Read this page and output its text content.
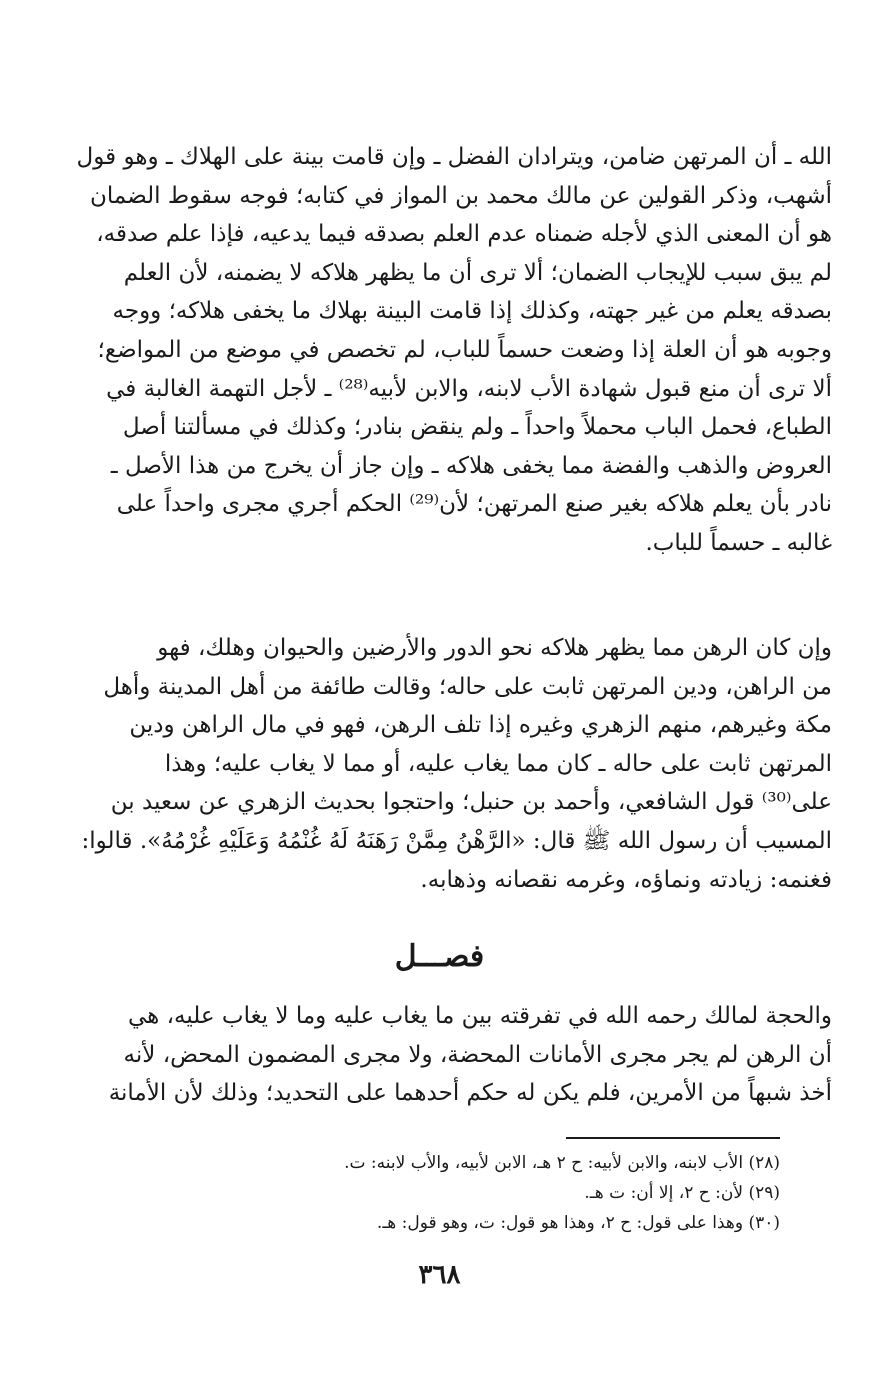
الله ـ أن المرتهن ضامن، ويترادان الفضل ـ وإن قامت بينة على الهلاك ـ وهو قول
أشهب، وذكر القولين عن مالك محمد بن المواز في كتابه؛ فوجه سقوط الضمان
هو أن المعنى الذي لأجله ضمناه عدم العلم بصدقه فيما يدعيه، فإذا علم صدقه،
لم يبق سبب للإيجاب الضمان؛ ألا ترى أن ما يظهر هلاكه لا يضمنه، لأن العلم
بصدقه يعلم من غير جهته، وكذلك إذا قامت البينة بهلاك ما يخفى هلاكه؛ ووجه
وجوبه هو أن العلة إذا وضعت حسماً للباب، لم تخصص في موضع من المواضع؛
ألا ترى أن منع قبول شهادة الأب لابنه، والابن لأبيه⁽²⁸⁾ ـ لأجل التهمة الغالبة في
الطباع، فحمل الباب محملاً واحداً ـ ولم ينقض بنادر؛ وكذلك في مسألتنا أصل
العروض والذهب والفضة مما يخفى هلاكه ـ وإن جاز أن يخرج من هذا الأصل ـ
نادر بأن يعلم هلاكه بغير صنع المرتهن؛ لأن⁽²⁹⁾ الحكم أجري مجرى واحداً على
غالبه ـ حسماً للباب.
وإن كان الرهن مما يظهر هلاكه نحو الدور والأرضين والحيوان وهلك، فهو
من الراهن، ودين المرتهن ثابت على حاله؛ وقالت طائفة من أهل المدينة وأهل
مكة وغيرهم، منهم الزهري وغيره إذا تلف الرهن، فهو في مال الراهن ودين
المرتهن ثابت على حاله ـ كان مما يغاب عليه، أو مما لا يغاب عليه؛ وهذا
على⁽³⁰⁾ قول الشافعي، وأحمد بن حنبل؛ واحتجوا بحديث الزهري عن سعيد بن
المسيب أن رسول الله ﷺ قال: «الرَّهْنُ مِمَّنْ رَهَنَهُ لَهُ غُنْمُهُ وَعَلَيْهِ غُرْمُهُ». قالوا:
فغنمه: زيادته ونماؤه، وغرمه نقصانه وذهابه.
فصـــل
والحجة لمالك رحمه الله في تفرقته بين ما يغاب عليه وما لا يغاب عليه، هي
أن الرهن لم يجر مجرى الأمانات المحضة، ولا مجرى المضمون المحض، لأنه
أخذ شبهاً من الأمرين، فلم يكن له حكم أحدهما على التحديد؛ وذلك لأن الأمانة
(٢٨) الأب لابنه، والابن لأبيه: ح ٢ هـ، الابن لأبيه، والأب لابنه: ت.
(٢٩) لأن: ح ٢، إلا أن: ت هـ.
(٣٠) وهذا على قول: ح ٢، وهذا هو قول: ت، وهو قول: هـ.
٣٦٨
